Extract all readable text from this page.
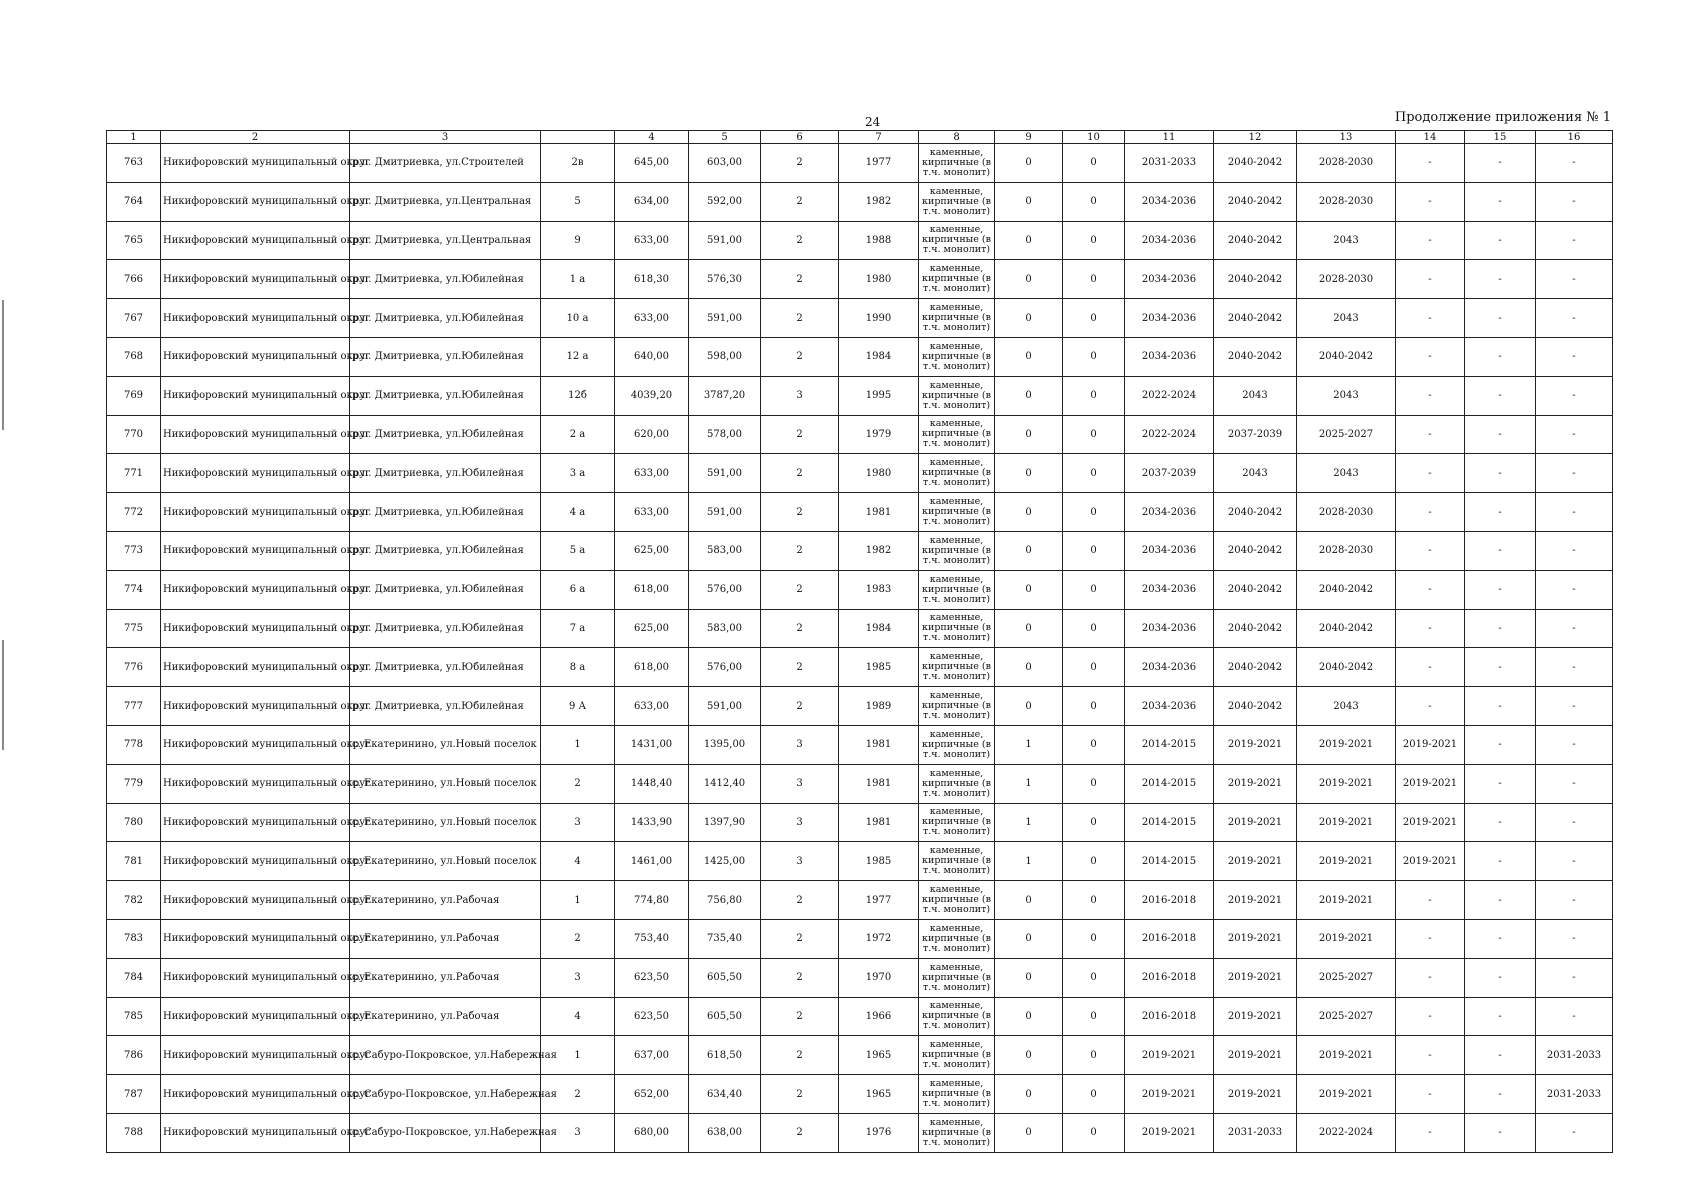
24	Продолжение приложения № 1
1	2	3		4	5	6	7	8	9	10	11	12	13	14	15	16
763	Никифоровский муниципальный округ	р.п. Дмитриевка, ул.Строителей	2в	645,00	603,00	2	1977	каменные, кирпичные (в т.ч. монолит)	0	0	2031-2033	2040-2042	2028-2030	-	-	-
764	Никифоровский муниципальный округ	р.п. Дмитриевка, ул.Центральная	5	634,00	592,00	2	1982	каменные, кирпичные (в т.ч. монолит)	0	0	2034-2036	2040-2042	2028-2030	-	-	-
765	Никифоровский муниципальный округ	р.п. Дмитриевка, ул.Центральная	9	633,00	591,00	2	1988	каменные, кирпичные (в т.ч. монолит)	0	0	2034-2036	2040-2042	2043	-	-	-
766	Никифоровский муниципальный округ	р.п. Дмитриевка, ул.Юбилейная	1 а	618,30	576,30	2	1980	каменные, кирпичные (в т.ч. монолит)	0	0	2034-2036	2040-2042	2028-2030	-	-	-
767	Никифоровский муниципальный округ	р.п. Дмитриевка, ул.Юбилейная	10 а	633,00	591,00	2	1990	каменные, кирпичные (в т.ч. монолит)	0	0	2034-2036	2040-2042	2043	-	-	-
768	Никифоровский муниципальный округ	р.п. Дмитриевка, ул.Юбилейная	12 а	640,00	598,00	2	1984	каменные, кирпичные (в т.ч. монолит)	0	0	2034-2036	2040-2042	2040-2042	-	-	-
769	Никифоровский муниципальный округ	р.п. Дмитриевка, ул.Юбилейная	12б	4039,20	3787,20	3	1995	каменные, кирпичные (в т.ч. монолит)	0	0	2022-2024	2043	2043	-	-	-
770	Никифоровский муниципальный округ	р.п. Дмитриевка, ул.Юбилейная	2 а	620,00	578,00	2	1979	каменные, кирпичные (в т.ч. монолит)	0	0	2022-2024	2037-2039	2025-2027	-	-	-
771	Никифоровский муниципальный округ	р.п. Дмитриевка, ул.Юбилейная	3 а	633,00	591,00	2	1980	каменные, кирпичные (в т.ч. монолит)	0	0	2037-2039	2043	2043	-	-	-
772	Никифоровский муниципальный округ	р.п. Дмитриевка, ул.Юбилейная	4 а	633,00	591,00	2	1981	каменные, кирпичные (в т.ч. монолит)	0	0	2034-2036	2040-2042	2028-2030	-	-	-
773	Никифоровский муниципальный округ	р.п. Дмитриевка, ул.Юбилейная	5 а	625,00	583,00	2	1982	каменные, кирпичные (в т.ч. монолит)	0	0	2034-2036	2040-2042	2028-2030	-	-	-
774	Никифоровский муниципальный округ	р.п. Дмитриевка, ул.Юбилейная	6 а	618,00	576,00	2	1983	каменные, кирпичные (в т.ч. монолит)	0	0	2034-2036	2040-2042	2040-2042	-	-	-
775	Никифоровский муниципальный округ	р.п. Дмитриевка, ул.Юбилейная	7 а	625,00	583,00	2	1984	каменные, кирпичные (в т.ч. монолит)	0	0	2034-2036	2040-2042	2040-2042	-	-	-
776	Никифоровский муниципальный округ	р.п. Дмитриевка, ул.Юбилейная	8 а	618,00	576,00	2	1985	каменные, кирпичные (в т.ч. монолит)	0	0	2034-2036	2040-2042	2040-2042	-	-	-
777	Никифоровский муниципальный округ	р.п. Дмитриевка, ул.Юбилейная	9 А	633,00	591,00	2	1989	каменные, кирпичные (в т.ч. монолит)	0	0	2034-2036	2040-2042	2043	-	-	-
778	Никифоровский муниципальный округ	с. Екатеринино, ул.Новый поселок	1	1431,00	1395,00	3	1981	каменные, кирпичные (в т.ч. монолит)	1	0	2014-2015	2019-2021	2019-2021	2019-2021	-	-
779	Никифоровский муниципальный округ	с. Екатеринино, ул.Новый поселок	2	1448,40	1412,40	3	1981	каменные, кирпичные (в т.ч. монолит)	1	0	2014-2015	2019-2021	2019-2021	2019-2021	-	-
780	Никифоровский муниципальный округ	с. Екатеринино, ул.Новый поселок	3	1433,90	1397,90	3	1981	каменные, кирпичные (в т.ч. монолит)	1	0	2014-2015	2019-2021	2019-2021	2019-2021	-	-
781	Никифоровский муниципальный округ	с. Екатеринино, ул.Новый поселок	4	1461,00	1425,00	3	1985	каменные, кирпичные (в т.ч. монолит)	1	0	2014-2015	2019-2021	2019-2021	2019-2021	-	-
782	Никифоровский муниципальный округ	с. Екатеринино, ул.Рабочая	1	774,80	756,80	2	1977	каменные, кирпичные (в т.ч. монолит)	0	0	2016-2018	2019-2021	2019-2021	-	-	-
783	Никифоровский муниципальный округ	с. Екатеринино, ул.Рабочая	2	753,40	735,40	2	1972	каменные, кирпичные (в т.ч. монолит)	0	0	2016-2018	2019-2021	2019-2021	-	-	-
784	Никифоровский муниципальный округ	с. Екатеринино, ул.Рабочая	3	623,50	605,50	2	1970	каменные, кирпичные (в т.ч. монолит)	0	0	2016-2018	2019-2021	2025-2027	-	-	-
785	Никифоровский муниципальный округ	с. Екатеринино, ул.Рабочая	4	623,50	605,50	2	1966	каменные, кирпичные (в т.ч. монолит)	0	0	2016-2018	2019-2021	2025-2027	-	-	-
786	Никифоровский муниципальный округ	с. Сабуро-Покровское, ул.Набережная	1	637,00	618,50	2	1965	каменные, кирпичные (в т.ч. монолит)	0	0	2019-2021	2019-2021	2019-2021	-	-	2031-2033
787	Никифоровский муниципальный округ	с. Сабуро-Покровское, ул.Набережная	2	652,00	634,40	2	1965	каменные, кирпичные (в т.ч. монолит)	0	0	2019-2021	2019-2021	2019-2021	-	-	2031-2033
788	Никифоровский муниципальный округ	с. Сабуро-Покровское, ул.Набережная	3	680,00	638,00	2	1976	каменные, кирпичные (в т.ч. монолит)	0	0	2019-2021	2031-2033	2022-2024	-	-	-
